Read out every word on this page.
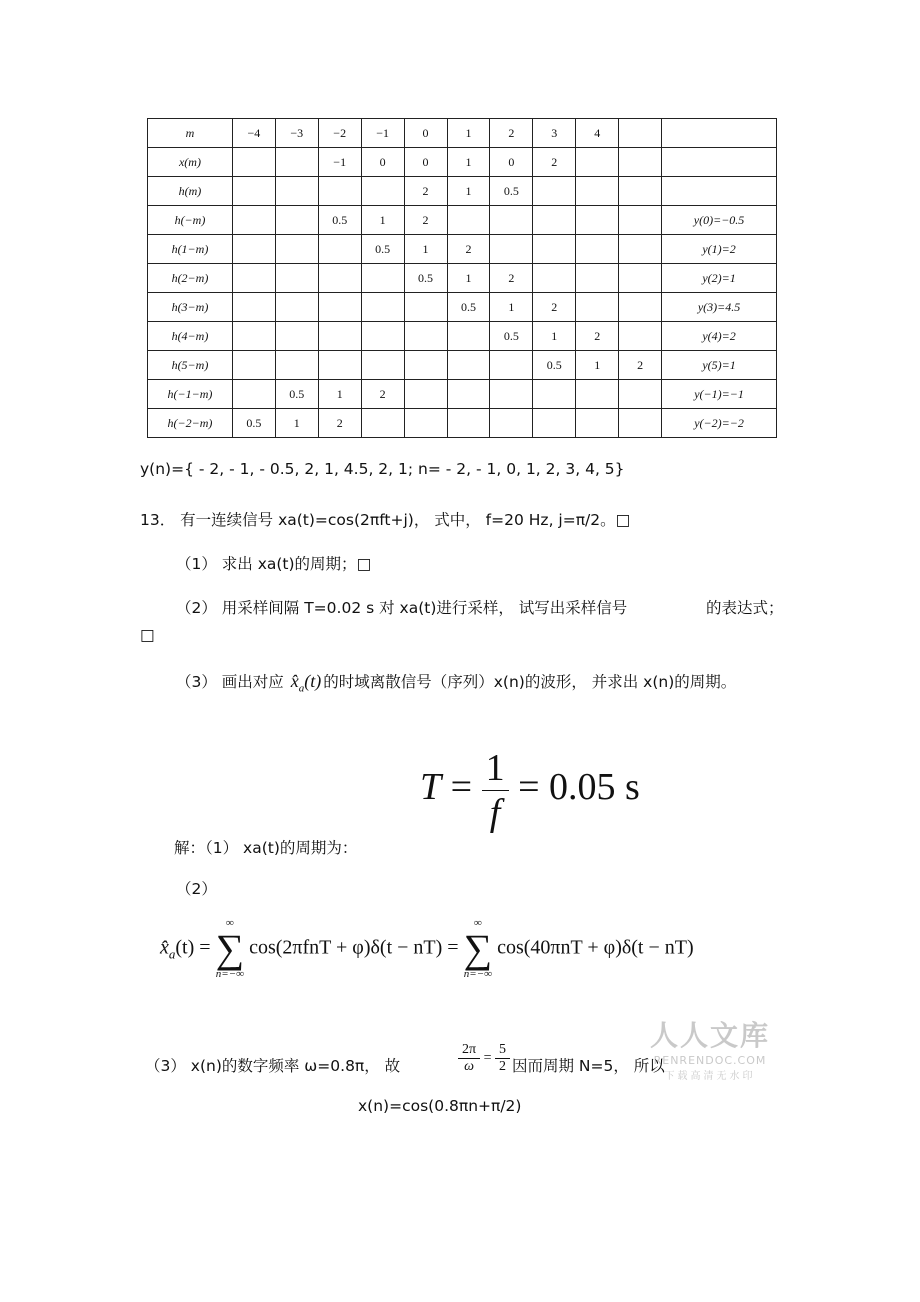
m	−4	−3	−2	−1	0	1	2	3	4		
x(m)			−1	0	0	1	0	2			
h(m)					2	1	0.5				
h(−m)			0.5	1	2						y(0)=−0.5
h(1−m)				0.5	1	2					y(1)=2
h(2−m)					0.5	1	2				y(2)=1
h(3−m)						0.5	1	2			y(3)=4.5
h(4−m)							0.5	1	2		y(4)=2
h(5−m)								0.5	1	2	y(5)=1
h(−1−m)		0.5	1	2							y(−1)=−1
h(−2−m)	0.5	1	2								y(−2)=−2
y(n)={ - 2, - 1, - 0.5, 2, 1, 4.5, 2, 1; n= - 2, - 1, 0, 1, 2, 3, 4, 5}
13． 有一连续信号 xa(t)=cos(2πft+j)， 式中， f=20 Hz, j=π/2。□
（1） 求出 xa(t)的周期；□
（2） 用采样间隔 T=0.02 s 对 xa(t)进行采样， 试写出采样信号	的表达式；
□
（3） 画出对应 $x̂_a(t)$ 的时域离散信号（序列）x(n)的波形， 并求出 x(n)的周期。
$T = \frac{1}{f} = 0.05$ s
解：（1） xa(t)的周期为：
（2）
$x̂_a(t)$ =
∞
∑
n=−∞
cos(2πfnT + φ)δ(t − nT) =
∞
∑
n=−∞
cos(40πnT + φ)δ(t − nT)
人人文库
RENRENDOC.COM
下载高清无水印
（3） x(n)的数字频率 ω=0.8π， 故	$\frac{2\pi}{\omega} = \frac{5}{2}$ 因而周期 N=5， 所以
x(n)=cos(0.8πn+π/2)
